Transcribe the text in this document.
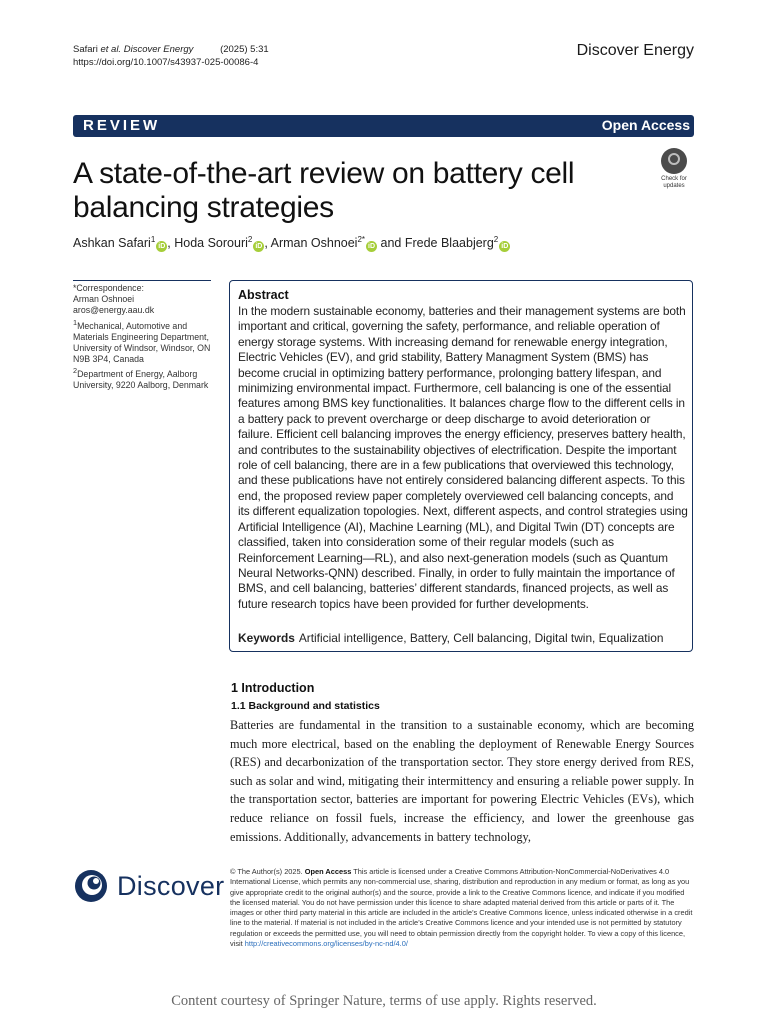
Safari et al. Discover Energy	(2025) 5:31
https://doi.org/10.1007/s43937-025-00086-4
Discover Energy
REVIEW	Open Access
A state-of-the-art review on battery cell balancing strategies
Check for
updates
Ashkan Safari$^1$iD , Hoda Sorouri$^2$iD , Arman Oshnoei$^{2*}$iD and Frede Blaabjerg$^2$iD
*Correspondence:
Arman Oshnoei
aros@energy.aau.dk
$^1$Mechanical, Automotive and Materials Engineering Department, University of Windsor, Windsor, ON N9B 3P4, Canada
$^2$Department of Energy, Aalborg University, 9220 Aalborg, Denmark
Abstract
In the modern sustainable economy, batteries and their management systems are both important and critical, governing the safety, performance, and reliable operation of energy storage systems. With increasing demand for renewable energy integration, Electric Vehicles (EV), and grid stability, Battery Managment System (BMS) has become crucial in optimizing battery performance, prolonging battery lifespan, and minimizing environmental impact. Furthermore, cell balancing is one of the essential features among BMS key functionalities. It balances charge flow to the different cells in a battery pack to prevent overcharge or deep discharge to avoid deterioration or failure. Efficient cell balancing improves the energy efficiency, preserves battery health, and contributes to the sustainability objectives of electrification. Despite the important role of cell balancing, there are in a few publications that overviewed this technology, and these publications have not entirely considered balancing different aspects. To this end, the proposed review paper completely overviewed cell balancing concepts, and its different equalization topologies. Next, different aspects, and control strategies using Artificial Intelligence (AI), Machine Learning (ML), and Digital Twin (DT) concepts are classified, taken into consideration some of their regular models (such as Reinforcement Learning—RL), and also next-generation models (such as Quantum Neural Networks-QNN) described. Finally, in order to fully maintain the importance of BMS, and cell balancing, batteries’ different standards, financed projects, as well as future research topics have been provided for further developments.
Keywords Artificial intelligence, Battery, Cell balancing, Digital twin, Equalization
1 Introduction
1.1 Background and statistics
Batteries are fundamental in the transition to a sustainable economy, which are becoming much more electrical, based on the enabling the deployment of Renewable Energy Sources (RES) and decarbonization of the transportation sector. They store energy derived from RES, such as solar and wind, mitigating their intermittency and ensuring a reliable power supply. In the transportation sector, batteries are important for powering Electric Vehicles (EVs), which reduce reliance on fossil fuels, increase the efficiency, and lower the greenhouse gas emissions. Additionally, advancements in battery technology,
Discover © The Author(s) 2025. Open Access This article is licensed under a Creative Commons Attribution-NonCommercial-NoDerivatives 4.0 International License, which permits any non-commercial use, sharing, distribution and reproduction in any medium or format, as long as you give appropriate credit to the original author(s) and the source, provide a link to the Creative Commons licence, and indicate if you modified the licensed material. You do not have permission under this licence to share adapted material derived from this article or parts of it. The images or other third party material in this article are included in the article’s Creative Commons licence, unless indicated otherwise in a credit line to the material. If material is not included in the article’s Creative Commons licence and your intended use is not permitted by statutory regulation or exceeds the permitted use, you will need to obtain permission directly from the copyright holder. To view a copy of this licence, visit http://creativecommons.org/licenses/by-nc-nd/4.0/
Content courtesy of Springer Nature, terms of use apply. Rights reserved.
